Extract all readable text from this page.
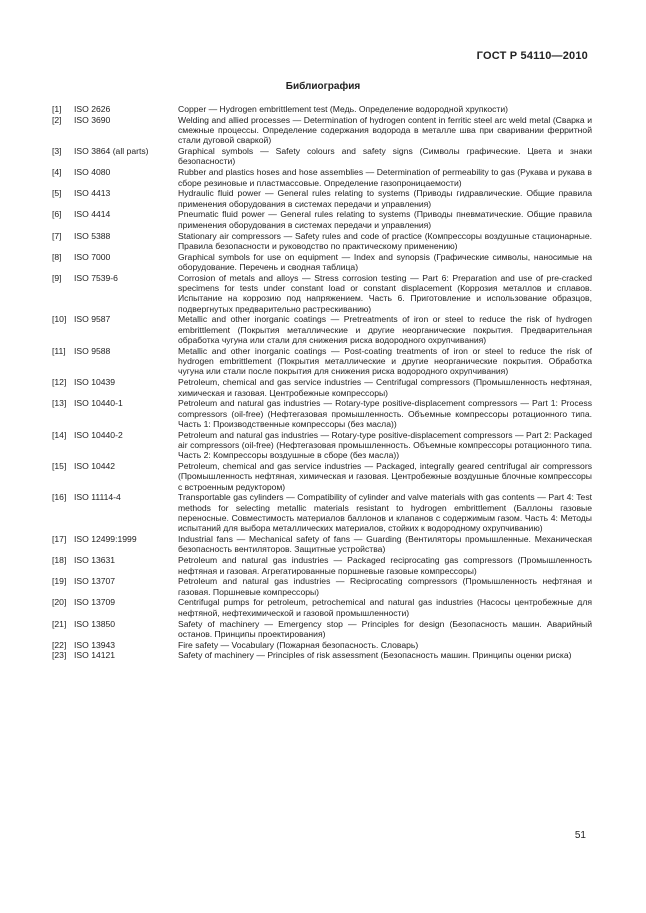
ГОСТ Р 54110—2010
Библиография
[1]	ISO 2626	Copper — Hydrogen embrittlement test (Медь. Определение водородной хрупкости)
[2]	ISO 3690	Welding and allied processes — Determination of hydrogen content in ferritic steel arc weld metal (Сварка и смежные процессы. Определение содержания водорода в металле шва при сваривании ферритной стали дуговой сваркой)
[3]	ISO 3864 (all parts)	Graphical symbols — Safety colours and safety signs (Символы графические. Цвета и знаки безопасности)
[4]	ISO 4080	Rubber and plastics hoses and hose assemblies — Determination of permeability to gas (Рукава и рукава в сборе резиновые и пластмассовые. Определение газопроницаемости)
[5]	ISO 4413	Hydraulic fluid power — General rules relating to systems (Приводы гидравлические. Общие правила применения оборудования в системах передачи и управления)
[6]	ISO 4414	Pneumatic fluid power — General rules relating to systems (Приводы пневматические. Общие правила применения оборудования в системах передачи и управления)
[7]	ISO 5388	Stationary air compressors — Safety rules and code of practice (Компрессоры воздушные стационарные. Правила безопасности и руководство по практическому применению)
[8]	ISO 7000	Graphical symbols for use on equipment — Index and synopsis (Графические символы, наносимые на оборудование. Перечень и сводная таблица)
[9]	ISO 7539-6	Corrosion of metals and alloys — Stress corrosion testing — Part 6: Preparation and use of pre-cracked specimens for tests under constant load or constant displacement (Коррозия металлов и сплавов. Испытание на коррозию под напряжением. Часть 6. Приготовление и использование образцов, подвергнутых предварительно растрескиванию)
[10] ISO 9587	Metallic and other inorganic coatings — Pretreatments of iron or steel to reduce the risk of hydrogen embrittlement (Покрытия металлические и другие неорганические покрытия. Предварительная обработка чугуна или стали для снижения риска водородного охрупчивания)
[11] ISO 9588	Metallic and other inorganic coatings — Post-coating treatments of iron or steel to reduce the risk of hydrogen embrittlement (Покрытия металлические и другие неорганические покрытия. Обработка чугуна или стали после покрытия для снижения риска водородного охрупчивания)
[12] ISO 10439	Petroleum, chemical and gas service industries — Centrifugal compressors (Промышленность нефтяная, химическая и газовая. Центробежные компрессоры)
[13] ISO 10440-1	Petroleum and natural gas industries — Rotary-type positive-displacement compressors — Part 1: Process compressors (oil-free) (Нефтегазовая промышленность. Объемные компрессоры ротационного типа. Часть 1: Производственные компрессоры (без масла))
[14] ISO 10440-2	Petroleum and natural gas industries — Rotary-type positive-displacement compressors — Part 2: Packaged air compressors (oil-free) (Нефтегазовая промышленность. Объемные компрессоры ротационного типа. Часть 2: Компрессоры воздушные в сборе (без масла))
[15] ISO 10442	Petroleum, chemical and gas service industries — Packaged, integrally geared centrifugal air compressors (Промышленность нефтяная, химическая и газовая. Центробежные воздушные блочные компрессоры с встроенным редуктором)
[16] ISO 11114-4	Transportable gas cylinders — Compatibility of cylinder and valve materials with gas contents — Part 4: Test methods for selecting metallic materials resistant to hydrogen embrittlement (Баллоны газовые переносные. Совместимость материалов баллонов и клапанов с содержимым газом. Часть 4: Методы испытаний для выбора металлических материалов, стойких к водородному охрупчиванию)
[17] ISO 12499:1999	Industrial fans — Mechanical safety of fans — Guarding (Вентиляторы промышленные. Механическая безопасность вентиляторов. Защитные устройства)
[18] ISO 13631	Petroleum and natural gas industries — Packaged reciprocating gas compressors (Промышленность нефтяная и газовая. Агрегатированные поршневые газовые компрессоры)
[19] ISO 13707	Petroleum and natural gas industries — Reciprocating compressors (Промышленность нефтяная и газовая. Поршневые компрессоры)
[20] ISO 13709	Centrifugal pumps for petroleum, petrochemical and natural gas industries (Насосы центробежные для нефтяной, нефтехимической и газовой промышленности)
[21] ISO 13850	Safety of machinery — Emergency stop — Principles for design (Безопасность машин. Аварийный останов. Принципы проектирования)
[22] ISO 13943	Fire safety — Vocabulary (Пожарная безопасность. Словарь)
[23] ISO 14121	Safety of machinery — Principles of risk assessment (Безопасность машин. Принципы оценки риска)
51
